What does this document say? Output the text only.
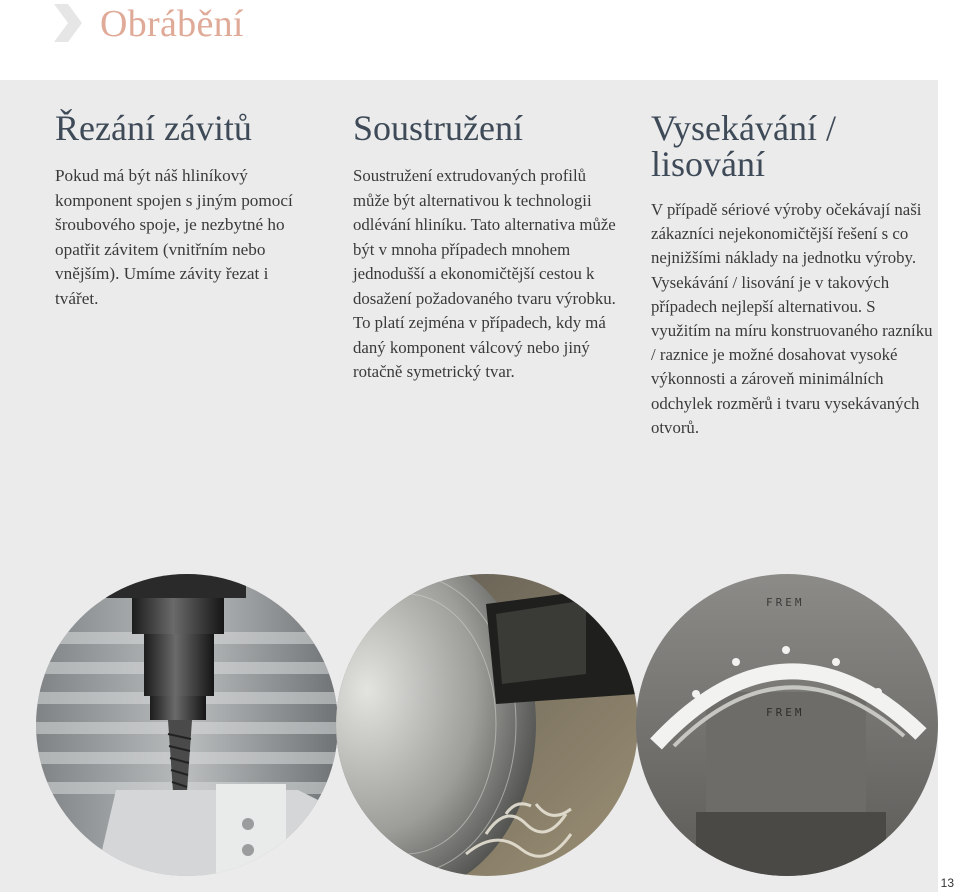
Obrábění
Řezání závitů

Pokud má být náš hliníkový komponent spojen s jiným pomocí šroubového spoje, je nezbytné ho opatřit závitem (vnitřním nebo vnějším). Umíme závity řezat i tvářet.

Soustružení

Soustružení extrudovaných profilů může být alternativou k technologii odlévání hliníku. Tato alternativa může být v mnoha případech mnohem jednodušší a ekonomičtější cestou k dosažení požadovaného tvaru výrobku. To platí zejména v případech, kdy má daný komponent válcový nebo jiný rotačně symetrický tvar.

Vysekávání / lisování

V případě sériové výroby očekávají naši zákazníci nejekonomičtější řešení s co nejnižšími náklady na jednotku výroby. Vysekávání / lisování je v takových případech nejlepší alternativou. S využitím na míru konstruovaného razníku / raznice je možné dosahovat vysoké výkonnosti a zároveň minimálních odchylek rozměrů i tvaru vysekávaných otvorů.

FREM
FREM
13
